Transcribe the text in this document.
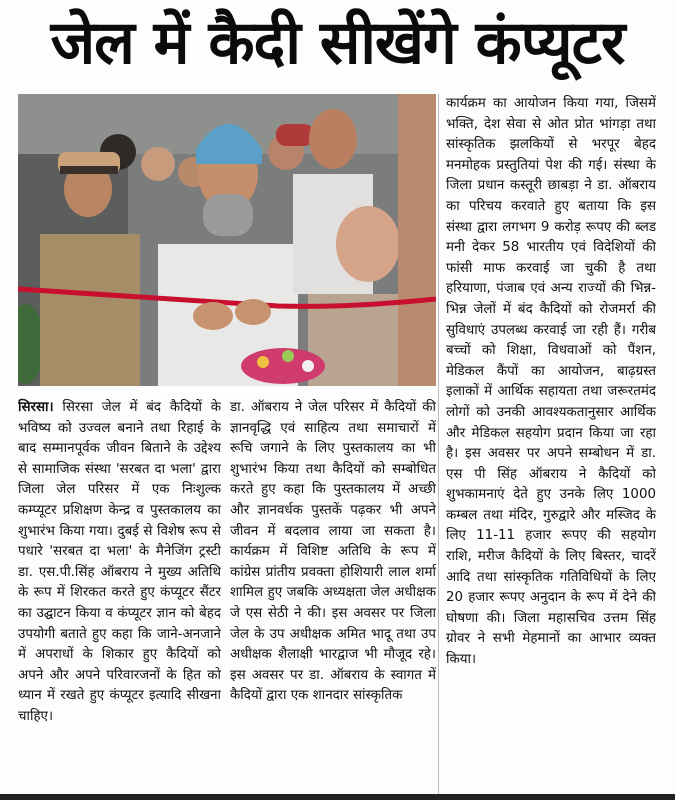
जेल में कैदी सीखेंगे कंप्यूटर

सिरसा। सिरसा जेल में बंद कैदियों के भविष्य को उज्वल बनाने तथा रिहाई के बाद सम्मानपूर्वक जीवन बिताने के उद्देश्य से सामाजिक संस्था 'सरबत दा भला' द्वारा जिला जेल परिसर में एक निःशुल्क कम्प्यूटर प्रशिक्षण केन्द्र व पुस्तकालय का शुभारंभ किया गया। दुबई से विशेष रूप से पधारे 'सरबत दा भला' के मैनेजिंग ट्रस्टी डा. एस.पी.सिंह ऑबराय ने मुख्य अतिथि के रूप में शिरकत करते हुए कंप्यूटर सैंटर का उद्घाटन किया व कंप्यूटर ज्ञान को बेहद उपयोगी बताते हुए कहा कि जाने-अनजाने में अपराधों के शिकार हुए कैदियों को अपने और अपने परिवारजनों के हित को ध्यान में रखते हुए कंप्यूटर इत्यादि सीखना चाहिए।

डा. ऑबराय ने जेल परिसर में कैदियों की ज्ञानवृद्धि एवं साहित्य तथा समाचारों में रूचि जगाने के लिए पुस्तकालय का भी शुभारंभ किया तथा कैदियों को सम्बोधित करते हुए कहा कि पुस्तकालय में अच्छी और ज्ञानवर्धक पुस्तकें पढ़कर भी अपने जीवन में बदलाव लाया जा सकता है। कार्यक्रम में विशिष्ट अतिथि के रूप में कांग्रेस प्रांतीय प्रवक्ता होशियारी लाल शर्मा शामिल हुए जबकि अध्यक्षता जेल अधीक्षक जे एस सेठी ने की। इस अवसर पर जिला जेल के उप अधीक्षक अमित भादू तथा उप अधीक्षक शैलाक्षी भारद्वाज भी मौजूद रहे। इस अवसर पर डा. ऑबराय के स्वागत में कैदियों द्वारा एक शानदार सांस्कृतिक

कार्यक्रम का आयोजन किया गया, जिसमें भक्ति, देश सेवा से ओत प्रोत भांगड़ा तथा सांस्कृतिक झलकियों से भरपूर बेहद मनमोहक प्रस्तुतियां पेश की गई। संस्था के जिला प्रधान कस्तूरी छाबड़ा ने डा. ऑबराय का परिचय करवाते हुए बताया कि इस संस्था द्वारा लगभग 9 करोड़ रूपए की ब्लड मनी देकर 58 भारतीय एवं विदेशियों की फांसी माफ करवाई जा चुकी है तथा हरियाणा, पंजाब एवं अन्य राज्यों की भिन्न-भिन्न जेलों में बंद कैदियों को रोजमर्रा की सुविधाएं उपलब्ध करवाई जा रही हैं। गरीब बच्चों को शिक्षा, विधवाओं को पैंशन, मेडिकल कैंपों का आयोजन, बाढ़ग्रस्त इलाकों में आर्थिक सहायता तथा जरूरतमंद लोगों को उनकी आवश्यकतानुसार आर्थिक और मेडिकल सहयोग प्रदान किया जा रहा है। इस अवसर पर अपने सम्बोधन में डा. एस पी सिंह ऑबराय ने कैदियों को शुभकामनाएं देते हुए उनके लिए 1000 कम्बल तथा मंदिर, गुरुद्वारे और मस्जिद के लिए 11-11 हजार रूपए की सहयोग राशि, मरीज कैदियों के लिए बिस्तर, चादरें आदि तथा सांस्कृतिक गतिविधियों के लिए 20 हजार रूपए अनुदान के रूप में देने की घोषणा की। जिला महासचिव उत्तम सिंह ग्रोवर ने सभी मेहमानों का आभार व्यक्त किया।
